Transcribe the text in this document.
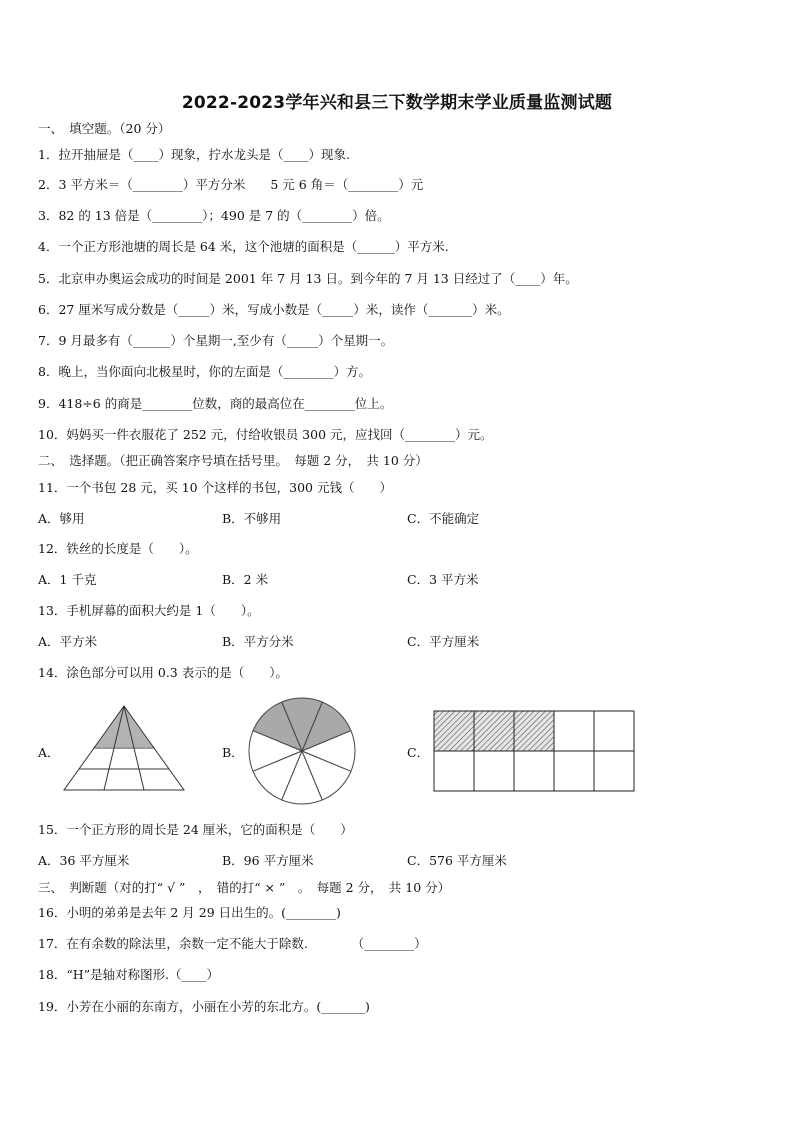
2022-2023学年兴和县三下数学期末学业质量监测试题
一、　填空题。（20 分）
1．拉开抽屉是（____）现象，拧水龙头是（____）现象.
2．3 平方米＝（________）平方分米　　5 元 6 角＝（________）元
3．82 的 13 倍是（________）；490 是 7 的（________）倍。
4．一个正方形池塘的周长是 64 米，这个池塘的面积是（______）平方米.
5．北京申办奥运会成功的时间是 2001 年 7 月 13 日。到今年的 7 月 13 日经过了（____）年。
6．27 厘米写成分数是（_____）米，写成小数是（_____）米，读作（_______）米。
7．9 月最多有（______）个星期一,至少有（_____）个星期一。
8．晚上，当你面向北极星时，你的左面是（________）方。
9．418÷6 的商是________位数，商的最高位在________位上。
10．妈妈买一件衣服花了 252 元，付给收银员 300 元，应找回（________）元。
二、　选择题。（把正确答案序号填在括号里。　每题 2 分，　共 10 分）
11．一个书包 28 元，买 10 个这样的书包，300 元钱（　　）
A．够用	B．不够用	C．不能确定
12．铁丝的长度是（　　）。
A．1 千克	B．2 米	C．3 平方米
13．手机屏幕的面积大约是 1（　　）。
A．平方米	B．平方分米	C．平方厘米
14．涂色部分可以用 0.3 表示的是（　　）。
A．	B．	C．
15．一个正方形的周长是 24 厘米，它的面积是（　　）
A．36 平方厘米	B．96 平方厘米	C．576 平方厘米
三、　判断题（对的打“ √ ”　，　错的打“ × ”　。　每题 2 分，　共 10 分）
16．小明的弟弟是去年 2 月 29 日出生的。(________)
17．在有余数的除法里，余数一定不能大于除数.　　　　（________）
18．“H”是轴对称图形.（____）
19．小芳在小丽的东南方，小丽在小芳的东北方。(_______)
